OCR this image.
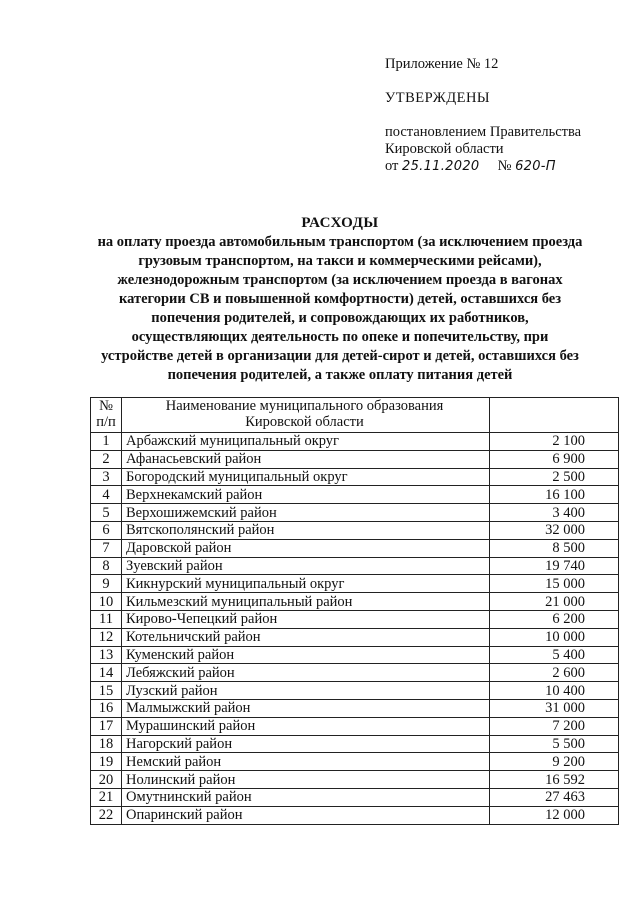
Приложение № 12

УТВЕРЖДЕНЫ

постановлением Правительства

Кировской области

от 25.11.2020 № 620-П

РАСХОДЫ

на оплату проезда автомобильным транспортом (за исключением проезда

грузовым транспортом, на такси и коммерческими рейсами),

железнодорожным транспортом (за исключением проезда в вагонах

категории СВ и повышенной комфортности) детей, оставшихся без

попечения родителей, и сопровождающих их работников,

осуществляющих деятельность по опеке и попечительству, при

устройстве детей в организации для детей-сирот и детей, оставшихся без

попечения родителей, а также оплату питания детей

№
п/п	Наименование муниципального образования
Кировской области	
1	Арбажский муниципальный округ	2 100
2	Афанасьевский район	6 900
3	Богородский муниципальный округ	2 500
4	Верхнекамский район	16 100
5	Верхошижемский район	3 400
6	Вятскополянский район	32 000
7	Даровской район	8 500
8	Зуевский район	19 740
9	Кикнурский муниципальный округ	15 000
10	Кильмезский муниципальный район	21 000
11	Кирово-Чепецкий район	6 200
12	Котельничский район	10 000
13	Куменский район	5 400
14	Лебяжский район	2 600
15	Лузский район	10 400
16	Малмыжский район	31 000
17	Мурашинский район	7 200
18	Нагорский район	5 500
19	Немский район	9 200
20	Нолинский район	16 592
21	Омутнинский район	27 463
22	Опаринский район	12 000
